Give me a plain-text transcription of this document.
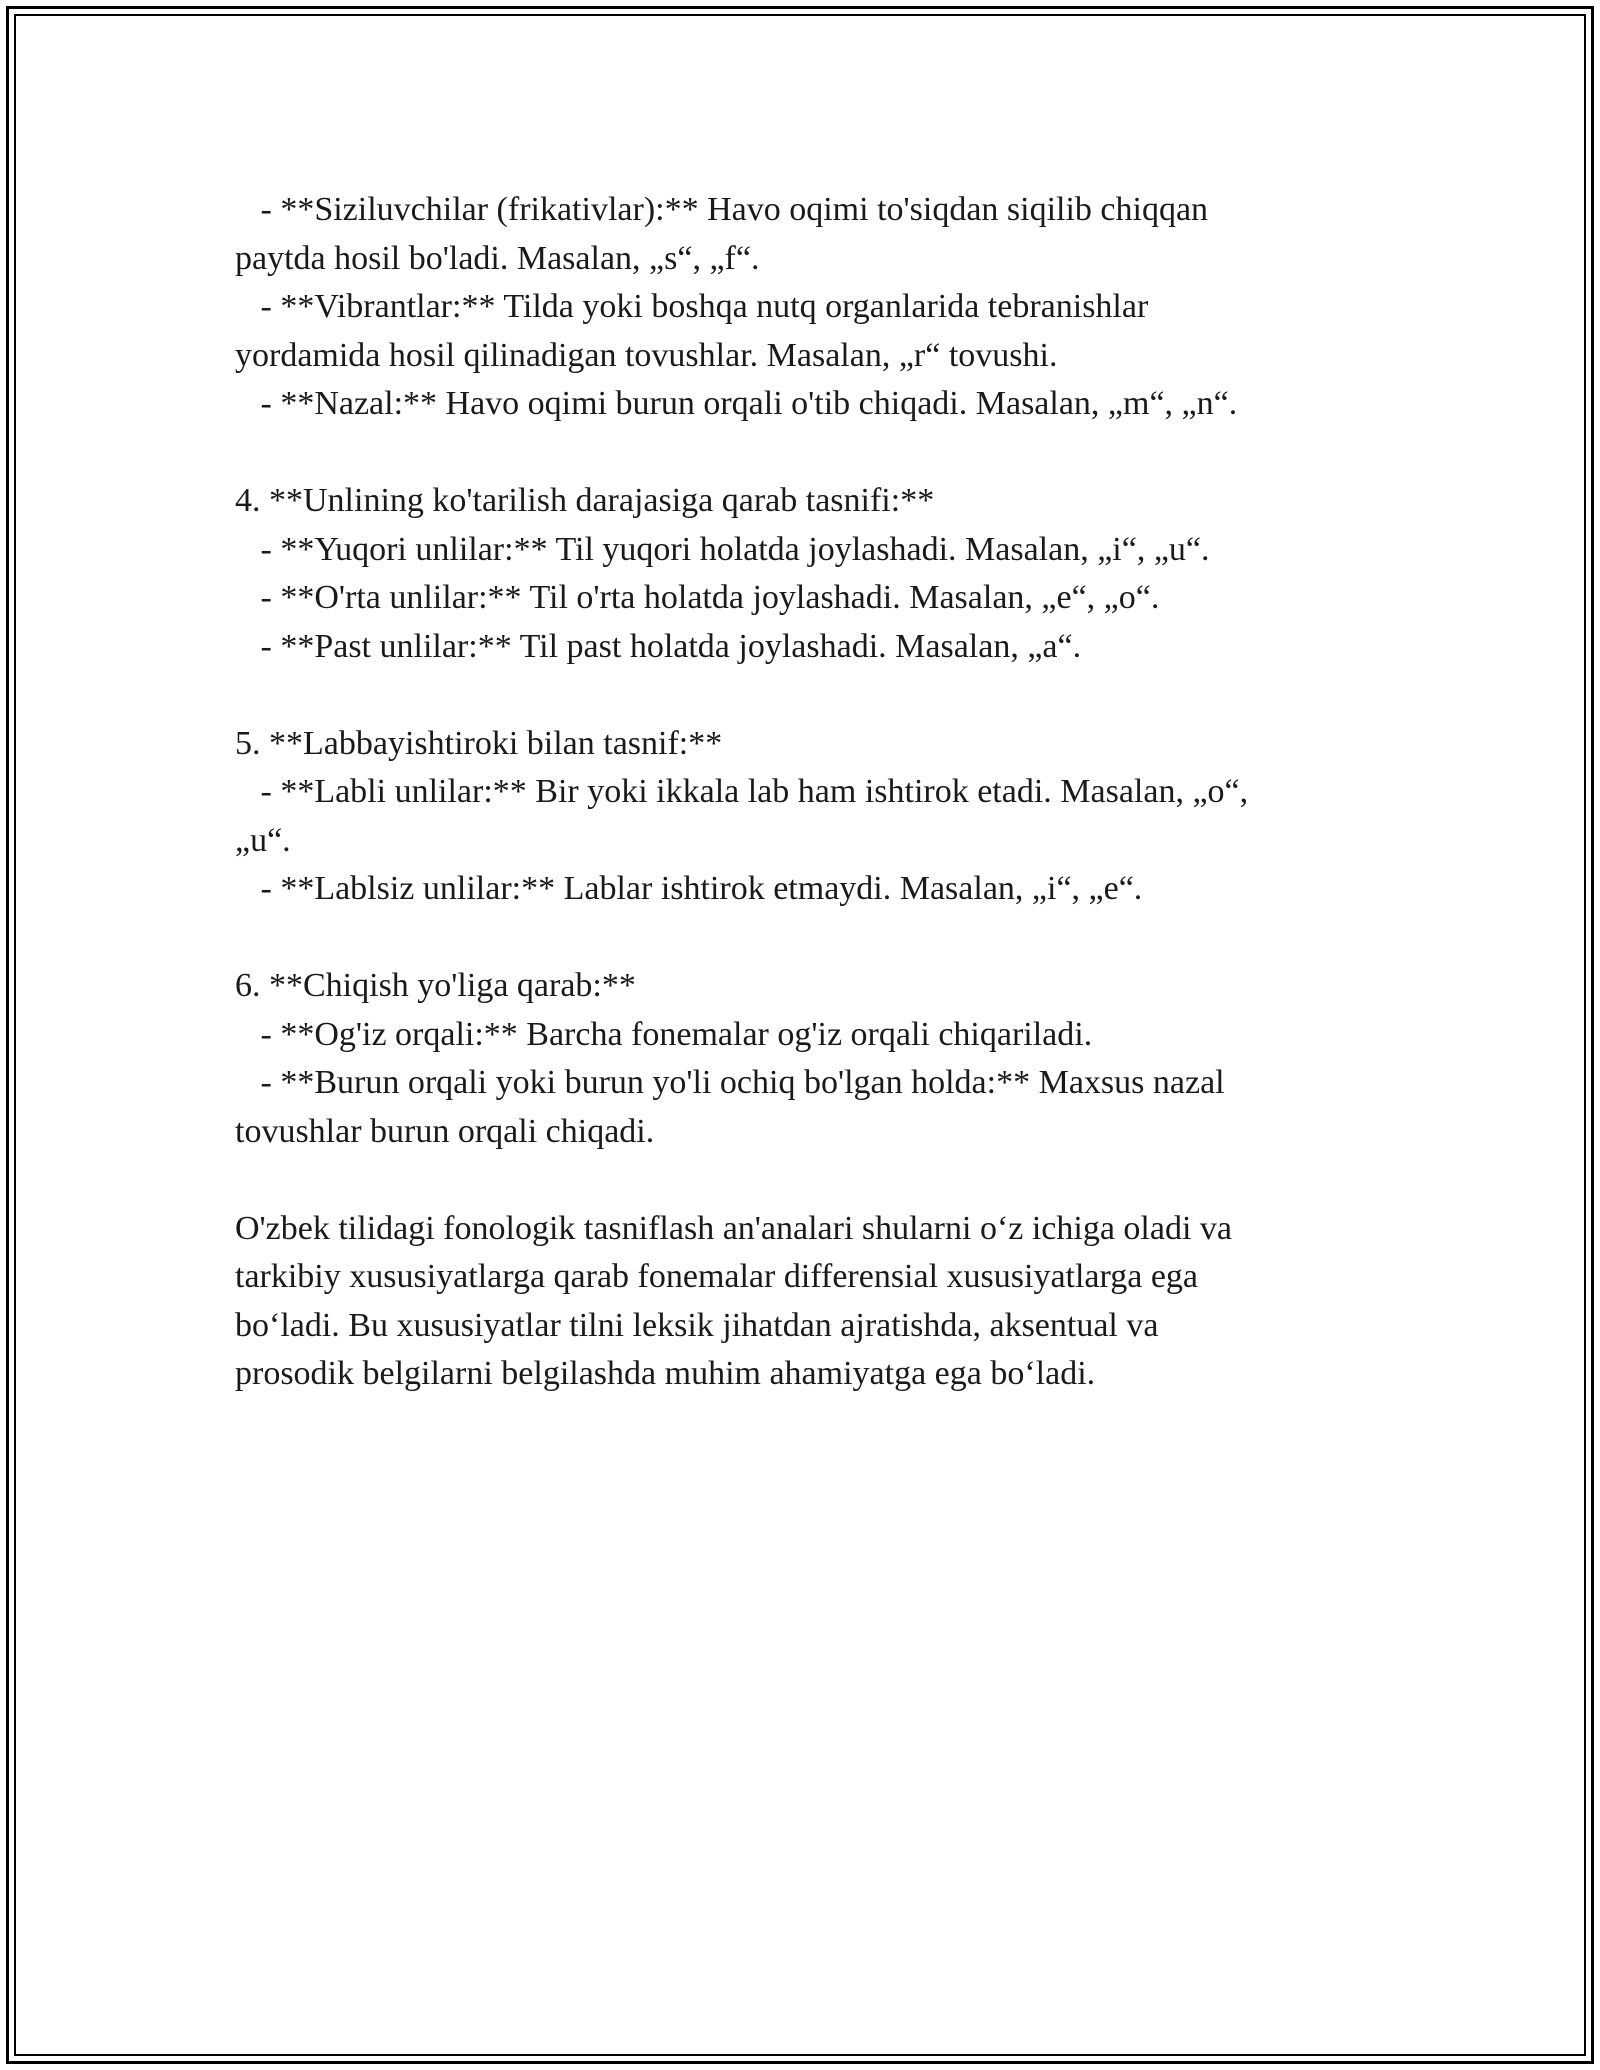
- **Siziluvchilar (frikativlar):** Havo oqimi to'siqdan siqilib chiqqan

paytda hosil bo'ladi. Masalan, „s“, „f“.

- **Vibrantlar:** Tilda yoki boshqa nutq organlarida tebranishlar

yordamida hosil qilinadigan tovushlar. Masalan, „r“ tovushi.

- **Nazal:** Havo oqimi burun orqali o'tib chiqadi. Masalan, „m“, „n“.

4. **Unlining ko'tarilish darajasiga qarab tasnifi:**

- **Yuqori unlilar:** Til yuqori holatda joylashadi. Masalan, „i“, „u“.

- **O'rta unlilar:** Til o'rta holatda joylashadi. Masalan, „e“, „o“.

- **Past unlilar:** Til past holatda joylashadi. Masalan, „a“.

5. **Labbayishtiroki bilan tasnif:**

- **Labli unlilar:** Bir yoki ikkala lab ham ishtirok etadi. Masalan, „o“,

„u“.

- **Lablsiz unlilar:** Lablar ishtirok etmaydi. Masalan, „i“, „e“.

6. **Chiqish yo'liga qarab:**

- **Og'iz orqali:** Barcha fonemalar og'iz orqali chiqariladi.

- **Burun orqali yoki burun yo'li ochiq bo'lgan holda:** Maxsus nazal

tovushlar burun orqali chiqadi.

O'zbek tilidagi fonologik tasniflash an'analari shularni o‘z ichiga oladi va

tarkibiy xususiyatlarga qarab fonemalar differensial xususiyatlarga ega

bo‘ladi. Bu xususiyatlar tilni leksik jihatdan ajratishda, aksentual va

prosodik belgilarni belgilashda muhim ahamiyatga ega bo‘ladi.
